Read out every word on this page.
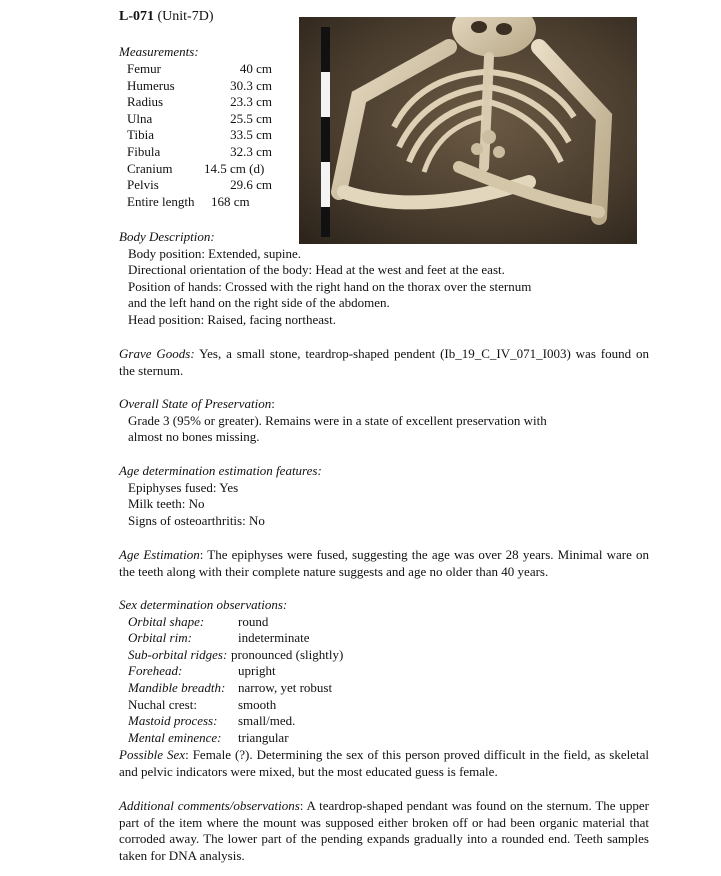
L-071 (Unit-7D)
Measurements:
Femur	40 cm
Humerus	30.3 cm
Radius	23.3 cm
Ulna	25.5 cm
Tibia	33.5 cm
Fibula	32.3 cm
Cranium 14.5 cm (d)
Pelvis	29.6 cm
Entire length 168 cm
Body Description:
Body position: Extended, supine.
Directional orientation of the body: Head at the west and feet at the east.
Position of hands: Crossed with the right hand on the thorax over the sternum
and the left hand on the right side of the abdomen.
Head position: Raised, facing northeast.
Grave Goods: Yes, a small stone, teardrop-shaped pendent (Ib_19_C_IV_071_I003) was found on the sternum.
Overall State of Preservation:
Grade 3 (95% or greater). Remains were in a state of excellent preservation with
almost no bones missing.
Age determination estimation features:
Epiphyses fused: Yes
Milk teeth: No
Signs of osteoarthritis: No
Age Estimation: The epiphyses were fused, suggesting the age was over 28 years. Minimal ware on the teeth along with their complete nature suggests and age no older than 40 years.
Sex determination observations:
Orbital shape:	round
Orbital rim:	indeterminate
Sub-orbital ridges: pronounced (slightly)
Forehead:	upright
Mandible breadth: narrow, yet robust
Nuchal crest:	smooth
Mastoid process: small/med.
Mental eminence: triangular
Possible Sex: Female (?). Determining the sex of this person proved difficult in the field, as skeletal and pelvic indicators were mixed, but the most educated guess is female.
Additional comments/observations: A teardrop-shaped pendant was found on the sternum. The upper part of the item where the mount was supposed either broken off or had been organic material that corroded away. The lower part of the pending expands gradually into a rounded end. Teeth samples taken for DNA analysis.
